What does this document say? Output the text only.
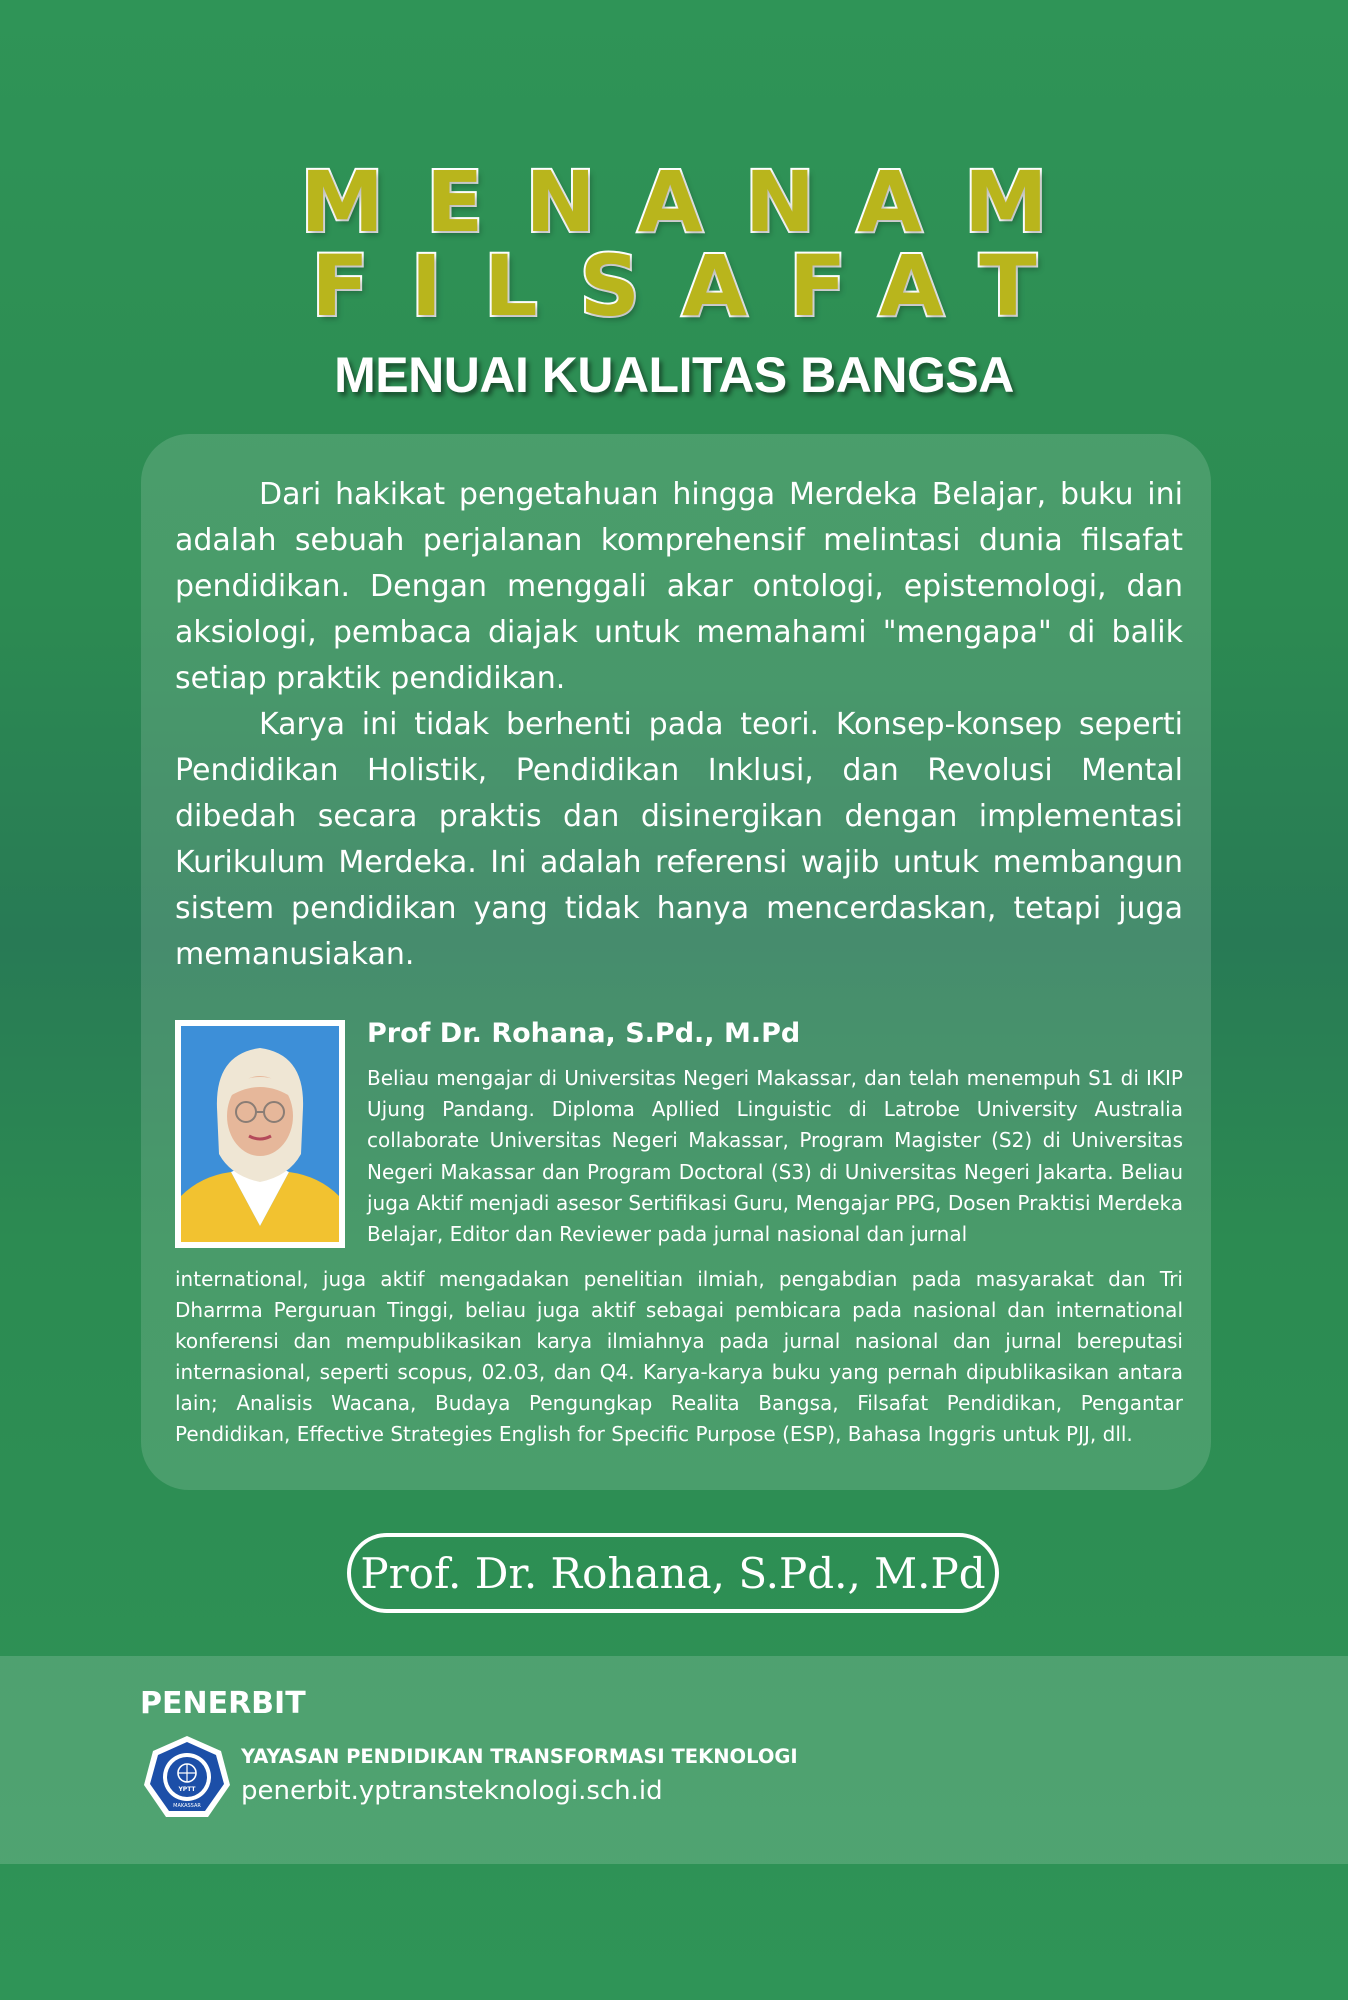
MENANAM
FILSAFAT
MENUAI KUALITAS BANGSA

Dari hakikat pengetahuan hingga Merdeka Belajar, buku ini adalah sebuah perjalanan komprehensif melintasi dunia filsafat pendidikan. Dengan menggali akar ontologi, epistemologi, dan aksiologi, pembaca diajak untuk memahami "mengapa" di balik setiap praktik pendidikan.

Karya ini tidak berhenti pada teori. Konsep-konsep seperti Pendidikan Holistik, Pendidikan Inklusi, dan Revolusi Mental dibedah secara praktis dan disinergikan dengan implementasi Kurikulum Merdeka. Ini adalah referensi wajib untuk membangun sistem pendidikan yang tidak hanya mencerdaskan, tetapi juga memanusiakan.

Prof Dr. Rohana, S.Pd., M.Pd
Beliau mengajar di Universitas Negeri Makassar, dan telah menempuh S1 di IKIP Ujung Pandang. Diploma Apllied Linguistic di Latrobe University Australia collaborate Universitas Negeri Makassar, Program Magister (S2) di Universitas Negeri Makassar dan Program Doctoral (S3) di Universitas Negeri Jakarta. Beliau juga Aktif menjadi asesor Sertifikasi Guru, Mengajar PPG, Dosen Praktisi Merdeka Belajar, Editor dan Reviewer pada jurnal nasional dan jurnal
international, juga aktif mengadakan penelitian ilmiah, pengabdian pada masyarakat dan Tri Dharrma Perguruan Tinggi, beliau juga aktif sebagai pembicara pada nasional dan international konferensi dan mempublikasikan karya ilmiahnya pada jurnal nasional dan jurnal bereputasi internasional, seperti scopus, 02.03, dan Q4. Karya-karya buku yang pernah dipublikasikan antara lain; Analisis Wacana, Budaya Pengungkap Realita Bangsa, Filsafat Pendidikan, Pengantar Pendidikan, Effective Strategies English for Specific Purpose (ESP), Bahasa Inggris untuk PJJ, dll.
Prof. Dr. Rohana, S.Pd., M.Pd
PENERBIT
YPTT
MAKASSAR
YAYASAN PENDIDIKAN TRANSFORMASI TEKNOLOGI
penerbit.yptransteknologi.sch.id
